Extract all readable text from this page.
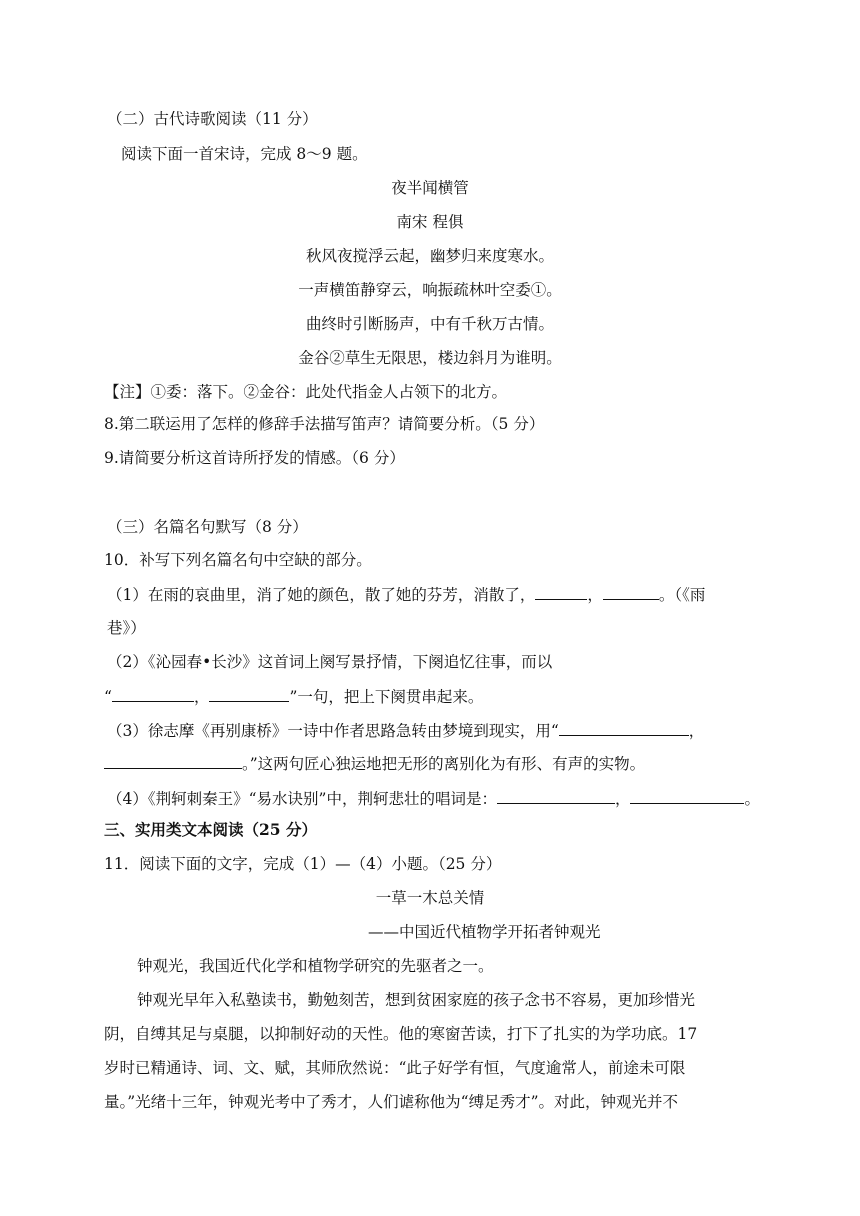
（二）古代诗歌阅读（11 分）
阅读下面一首宋诗，完成 8～9 题。
夜半闻横管
南宋 程俱
秋风夜搅浮云起，幽梦归来度寒水。
一声横笛静穿云，响振疏林叶空委①。
曲终时引断肠声，中有千秋万古情。
金谷②草生无限思，楼边斜月为谁明。
【注】①委：落下。②金谷：此处代指金人占领下的北方。
8.第二联运用了怎样的修辞手法描写笛声？请简要分析。（5 分）
9.请简要分析这首诗所抒发的情感。（6 分）
（三）名篇名句默写（8 分）
10．补写下列名篇名句中空缺的部分。
（1）在雨的哀曲里，消了她的颜色，散了她的芬芳，消散了，	，	。（《雨
巷》）
（2）《沁园春•长沙》这首词上阕写景抒情，下阕追忆往事，而以
“	，	”一句，把上下阕贯串起来。
（3）徐志摩《再别康桥》一诗中作者思路急转由梦境到现实，用“	，
。”这两句匠心独运地把无形的离别化为有形、有声的实物。
（4）《荆轲刺秦王》“易水诀别”中，荆轲悲壮的唱词是：	，	。
三、实用类文本阅读（25 分）
11．阅读下面的文字，完成（1）—（4）小题。（25 分）
一草一木总关情
——中国近代植物学开拓者钟观光
钟观光，我国近代化学和植物学研究的先驱者之一。
钟观光早年入私塾读书，勤勉刻苦，想到贫困家庭的孩子念书不容易，更加珍惜光
阴，自缚其足与桌腿，以抑制好动的天性。他的寒窗苦读，打下了扎实的为学功底。17
岁时已精通诗、词、文、赋，其师欣然说：“此子好学有恒，气度逾常人，前途未可限
量。”光绪十三年，钟观光考中了秀才，人们谑称他为“缚足秀才”。对此，钟观光并不
